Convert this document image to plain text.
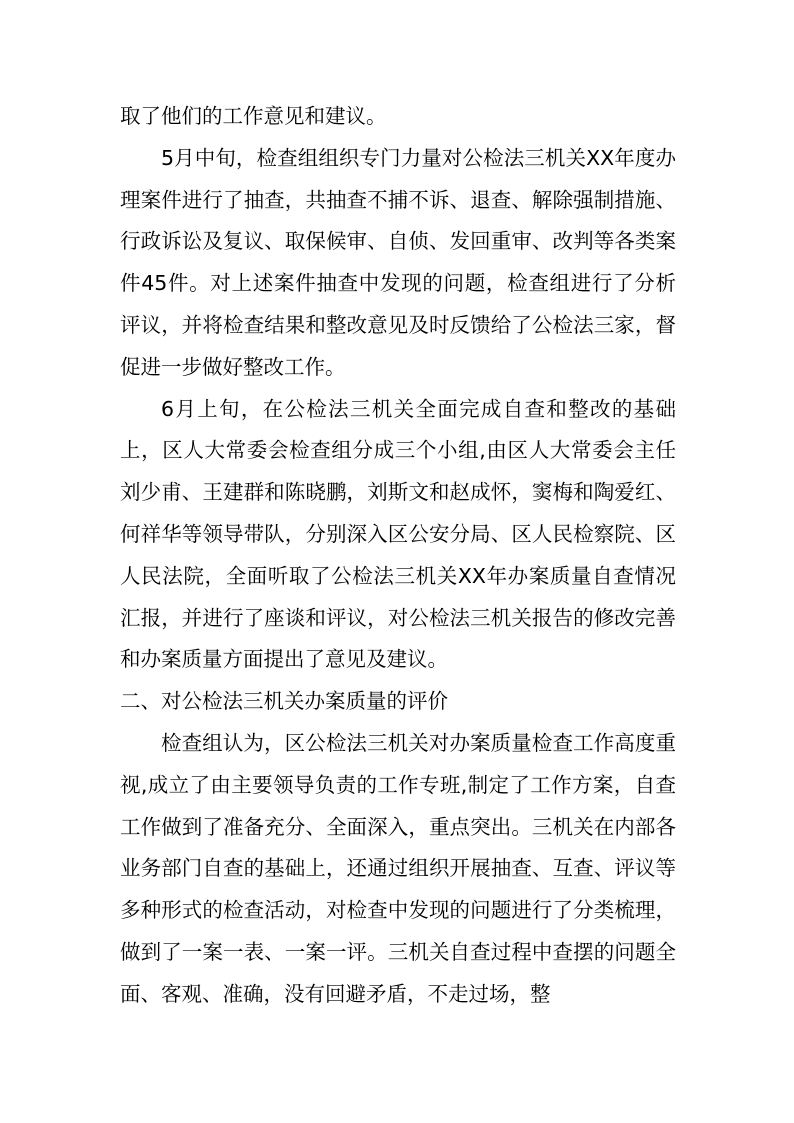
取了他们的工作意见和建议。

5月中旬，检查组组织专门力量对公检法三机关XX年度办理案件进行了抽查，共抽查不捕不诉、退查、解除强制措施、行政诉讼及复议、取保候审、自侦、发回重审、改判等各类案件45件。对上述案件抽查中发现的问题，检查组进行了分析评议，并将检查结果和整改意见及时反馈给了公检法三家，督促进一步做好整改工作。

6月上旬，在公检法三机关全面完成自查和整改的基础上，区人大常委会检查组分成三个小组,由区人大常委会主任刘少甫、王建群和陈晓鹏，刘斯文和赵成怀，窦梅和陶爱红、何祥华等领导带队，分别深入区公安分局、区人民检察院、区人民法院，全面听取了公检法三机关XX年办案质量自查情况汇报，并进行了座谈和评议，对公检法三机关报告的修改完善和办案质量方面提出了意见及建议。

二、对公检法三机关办案质量的评价

检查组认为，区公检法三机关对办案质量检查工作高度重视,成立了由主要领导负责的工作专班,制定了工作方案，自查工作做到了准备充分、全面深入，重点突出。三机关在内部各业务部门自查的基础上，还通过组织开展抽查、互查、评议等多种形式的检查活动，对检查中发现的问题进行了分类梳理，做到了一案一表、一案一评。三机关自查过程中查摆的问题全面、客观、准确，没有回避矛盾，不走过场，整
